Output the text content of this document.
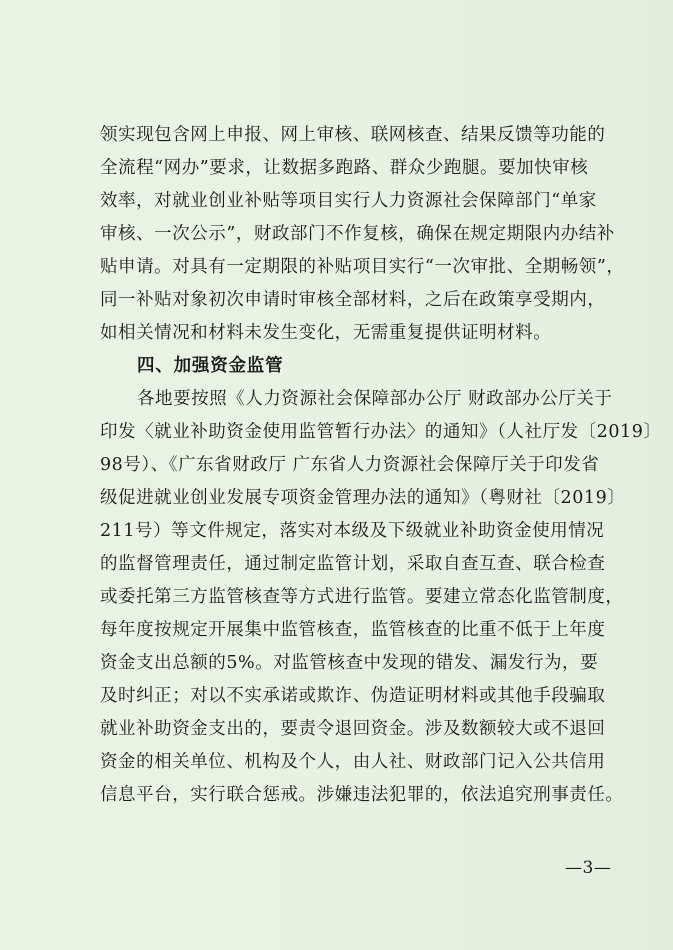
领实现包含网上申报、网上审核、联网核查、结果反馈等功能的
全流程“网办”要求，让数据多跑路、群众少跑腿。要加快审核
效率，对就业创业补贴等项目实行人力资源社会保障部门“单家
审核、一次公示”，财政部门不作复核，确保在规定期限内办结补
贴申请。对具有一定期限的补贴项目实行“一次审批、全期畅领”，
同一补贴对象初次申请时审核全部材料，之后在政策享受期内，
如相关情况和材料未发生变化，无需重复提供证明材料。
四、加强资金监管
各地要按照《人力资源社会保障部办公厅 财政部办公厅关于
印发〈就业补助资金使用监管暂行办法〉的通知》（人社厅发〔2019〕
98号）、《广东省财政厅 广东省人力资源社会保障厅关于印发省
级促进就业创业发展专项资金管理办法的通知》（粤财社〔2019〕
211号）等文件规定，落实对本级及下级就业补助资金使用情况
的监督管理责任，通过制定监管计划，采取自查互查、联合检查
或委托第三方监管核查等方式进行监管。要建立常态化监管制度，
每年度按规定开展集中监管核查，监管核查的比重不低于上年度
资金支出总额的5%。对监管核查中发现的错发、漏发行为，要
及时纠正；对以不实承诺或欺诈、伪造证明材料或其他手段骗取
就业补助资金支出的，要责令退回资金。涉及数额较大或不退回
资金的相关单位、机构及个人，由人社、财政部门记入公共信用
信息平台，实行联合惩戒。涉嫌违法犯罪的，依法追究刑事责任。
—3—
